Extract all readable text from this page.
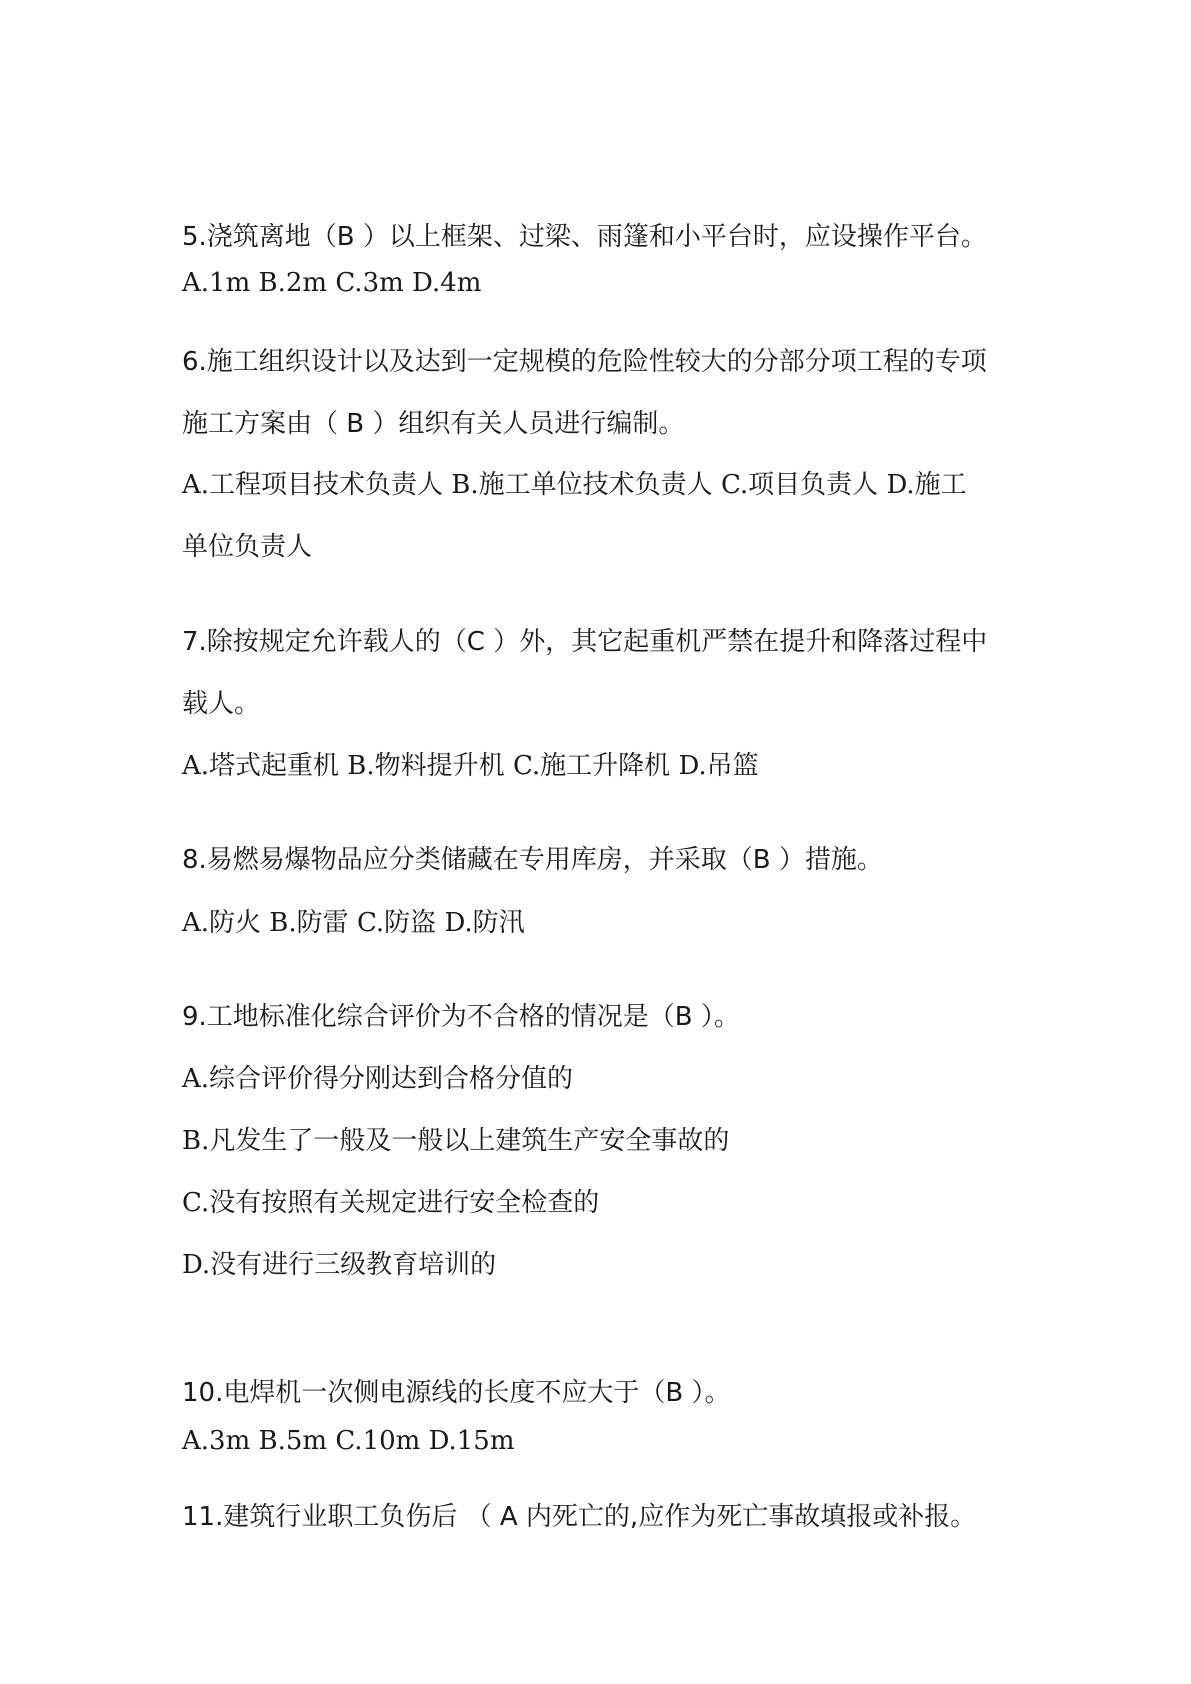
5.浇筑离地（B ）以上框架、过梁、雨篷和小平台时，应设操作平台。
A.1m B.2m C.3m D.4m
6.施工组织设计以及达到一定规模的危险性较大的分部分项工程的专项
施工方案由（ B ）组织有关人员进行编制。
A.工程项目技术负责人 B.施工单位技术负责人 C.项目负责人 D.施工
单位负责人
7.除按规定允许载人的（C ）外，其它起重机严禁在提升和降落过程中
载人。
A.塔式起重机 B.物料提升机 C.施工升降机 D.吊篮
8.易燃易爆物品应分类储藏在专用库房，并采取（B ）措施。
A.防火 B.防雷 C.防盗 D.防汛
9.工地标准化综合评价为不合格的情况是（B ）。
A.综合评价得分刚达到合格分值的
B.凡发生了一般及一般以上建筑生产安全事故的
C.没有按照有关规定进行安全检查的
D.没有进行三级教育培训的
10.电焊机一次侧电源线的长度不应大于（B ）。
A.3m B.5m C.10m D.15m
11.建筑行业职工负伤后 （ A 内死亡的,应作为死亡事故填报或补报。
